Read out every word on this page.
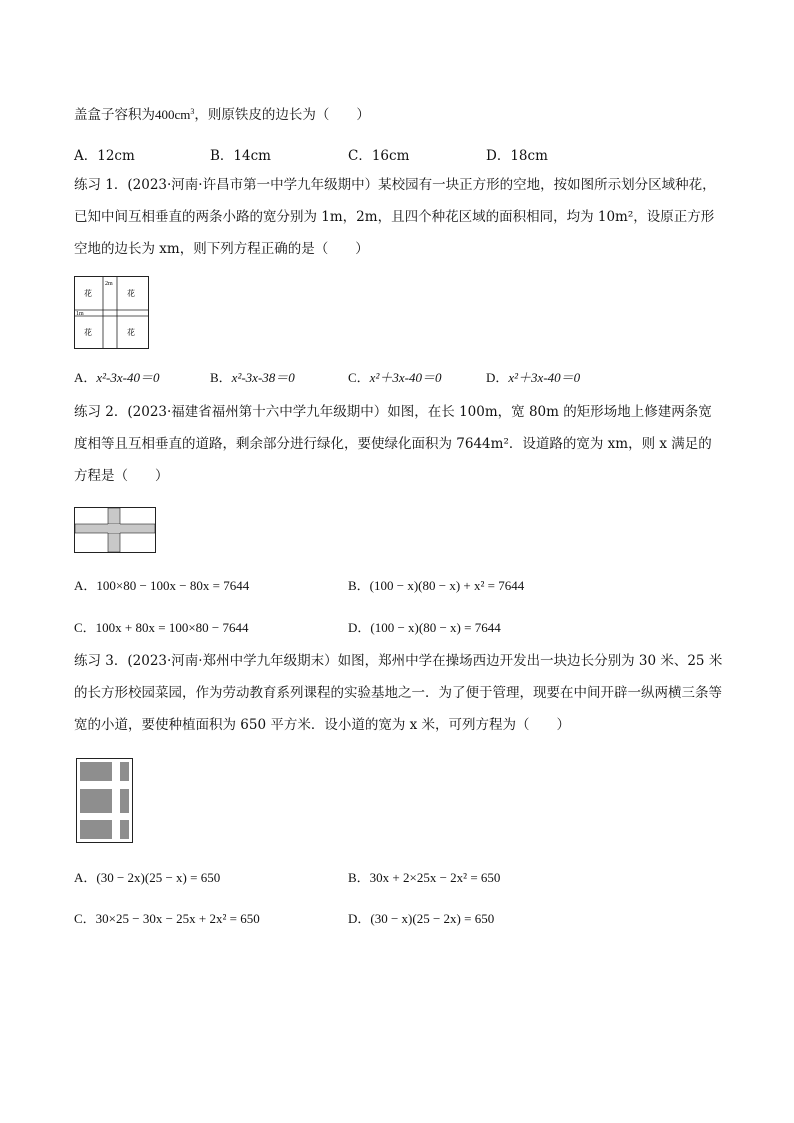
盖盒子容积为$400cm^3$，则原铁皮的边长为（　　）
A．12cm	B．14cm	C．16cm	D．18cm
练习 1．(2023·河南·许昌市第一中学九年级期中）某校园有一块正方形的空地，按如图所示划分区域种花，已知中间互相垂直的两条小路的宽分别为 1m，2m，且四个种花区域的面积相同，均为 10m²，设原正方形空地的边长为 xm，则下列方程正确的是（　　）
花	花
花	花
2m
1m
A．x²-3x-40＝0	B．x²-3x-38＝0	C．x²＋3x-40＝0	D．x²＋3x-40＝0
练习 2．(2023·福建省福州第十六中学九年级期中）如图，在长 100m，宽 80m 的矩形场地上修建两条宽度相等且互相垂直的道路，剩余部分进行绿化，要使绿化面积为 7644m²．设道路的宽为 xm，则 x 满足的方程是（　　）
A．100×80 − 100x − 80x = 7644	B．(100 − x)(80 − x) + x² = 7644
C．100x + 80x = 100×80 − 7644	D．(100 − x)(80 − x) = 7644
练习 3．(2023·河南·郑州中学九年级期末）如图，郑州中学在操场西边开发出一块边长分别为 30 米、25 米的长方形校园菜园，作为劳动教育系列课程的实验基地之一．为了便于管理，现要在中间开辟一纵两横三条等宽的小道，要使种植面积为 650 平方米．设小道的宽为 x 米，可列方程为（　　）
A．(30 − 2x)(25 − x) = 650	B．30x + 2×25x − 2x² = 650
C．30×25 − 30x − 25x + 2x² = 650	D．(30 − x)(25 − 2x) = 650
